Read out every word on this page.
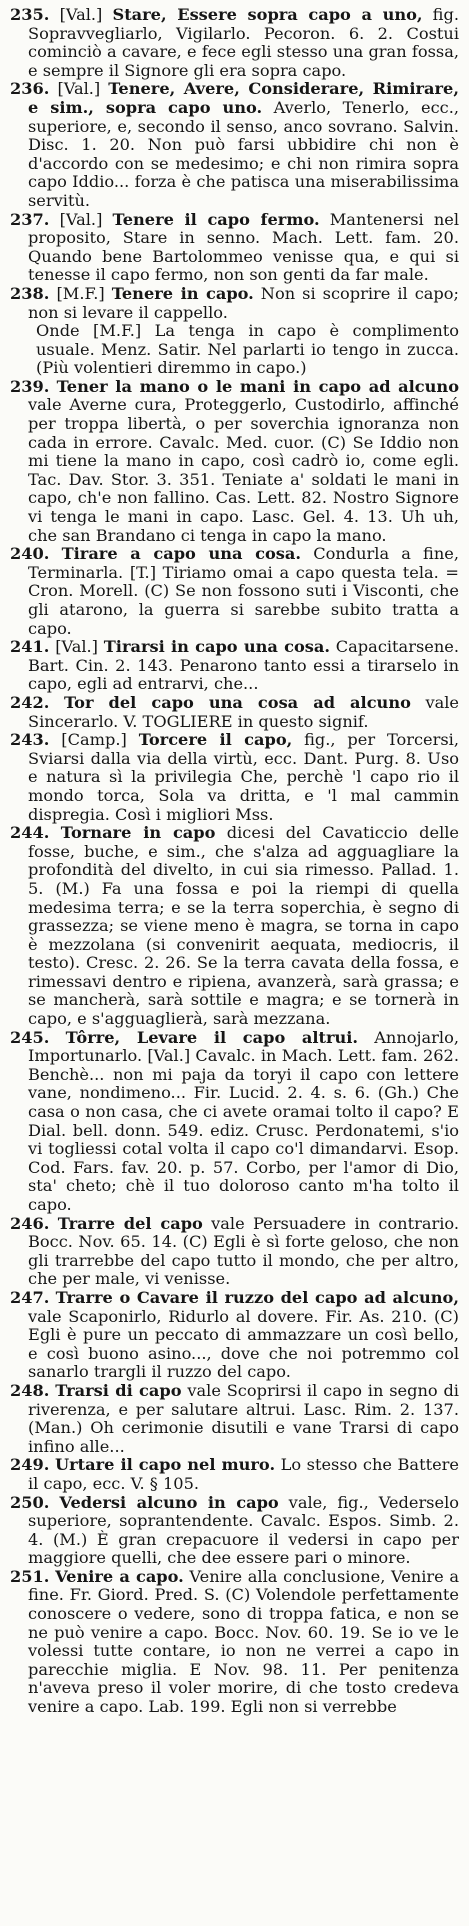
235. [Val.] Stare, Essere sopra capo a uno, fig. Sopravvegliarlo, Vigilarlo. Pecoron. 6. 2. Costui cominciò a cavare, e fece egli stesso una gran fossa, e sempre il Signore gli era sopra capo.

236. [Val.] Tenere, Avere, Considerare, Rimirare, e sim., sopra capo uno. Averlo, Tenerlo, ecc., superiore, e, secondo il senso, anco sovrano. Salvin. Disc. 1. 20. Non può farsi ubbidire chi non è d'accordo con se medesimo; e chi non rimira sopra capo Iddio... forza è che patisca una miserabilissima servitù.

237. [Val.] Tenere il capo fermo. Mantenersi nel proposito, Stare in senno. Mach. Lett. fam. 20. Quando bene Bartolommeo venisse qua, e qui si tenesse il capo fermo, non son genti da far male.

238. [M.F.] Tenere in capo. Non si scoprire il capo; non si levare il cappello.

Onde [M.F.] La tenga in capo è complimento usuale. Menz. Satir. Nel parlarti io tengo in zucca. (Più volentieri diremmo in capo.)

239. Tener la mano o le mani in capo ad alcuno vale Averne cura, Proteggerlo, Custodirlo, affinché per troppa libertà, o per soverchia ignoranza non cada in errore. Cavalc. Med. cuor. (C) Se Iddio non mi tiene la mano in capo, così cadrò io, come egli. Tac. Dav. Stor. 3. 351. Teniate a' soldati le mani in capo, ch'e non fallino. Cas. Lett. 82. Nostro Signore vi tenga le mani in capo. Lasc. Gel. 4. 13. Uh uh, che san Brandano ci tenga in capo la mano.

240. Tirare a capo una cosa. Condurla a fine, Terminarla. [T.] Tiriamo omai a capo questa tela. = Cron. Morell. (C) Se non fossono suti i Visconti, che gli atarono, la guerra si sarebbe subito tratta a capo.

241. [Val.] Tirarsi in capo una cosa. Capacitarsene. Bart. Cin. 2. 143. Penarono tanto essi a tirarselo in capo, egli ad entrarvi, che...

242. Tor del capo una cosa ad alcuno vale Sincerarlo. V. TOGLIERE in questo signif.

243. [Camp.] Torcere il capo, fig., per Torcersi, Sviarsi dalla via della virtù, ecc. Dant. Purg. 8. Uso e natura sì la privilegia Che, perchè 'l capo rio il mondo torca, Sola va dritta, e 'l mal cammin dispregia. Così i migliori Mss.

244. Tornare in capo dicesi del Cavaticcio delle fosse, buche, e sim., che s'alza ad agguagliare la profondità del divelto, in cui sia rimesso. Pallad. 1. 5. (M.) Fa una fossa e poi la riempi di quella medesima terra; e se la terra soperchia, è segno di grassezza; se viene meno è magra, se torna in capo è mezzolana (si convenirit aequata, mediocris, il testo). Cresc. 2. 26. Se la terra cavata della fossa, e rimessavi dentro e ripiena, avanzerà, sarà grassa; e se mancherà, sarà sottile e magra; e se tornerà in capo, e s'agguaglierà, sarà mezzana.

245. Tôrre, Levare il capo altrui. Annojarlo, Importunarlo. [Val.] Cavalc. in Mach. Lett. fam. 262. Benchè... non mi paja da toryi il capo con lettere vane, nondimeno... Fir. Lucid. 2. 4. s. 6. (Gh.) Che casa o non casa, che ci avete oramai tolto il capo? E Dial. bell. donn. 549. ediz. Crusc. Perdonatemi, s'io vi togliessi cotal volta il capo co'l dimandarvi. Esop. Cod. Fars. fav. 20. p. 57. Corbo, per l'amor di Dio, sta' cheto; chè il tuo doloroso canto m'ha tolto il capo.

246. Trarre del capo vale Persuadere in contrario. Bocc. Nov. 65. 14. (C) Egli è sì forte geloso, che non gli trarrebbe del capo tutto il mondo, che per altro, che per male, vi venisse.

247. Trarre o Cavare il ruzzo del capo ad alcuno, vale Scaponirlo, Ridurlo al dovere. Fir. As. 210. (C) Egli è pure un peccato di ammazzare un così bello, e così buono asino..., dove che noi potremmo col sanarlo trargli il ruzzo del capo.

248. Trarsi di capo vale Scoprirsi il capo in segno di riverenza, e per salutare altrui. Lasc. Rim. 2. 137. (Man.) Oh cerimonie disutili e vane Trarsi di capo infino alle...

249. Urtare il capo nel muro. Lo stesso che Battere il capo, ecc. V. § 105.

250. Vedersi alcuno in capo vale, fig., Vederselo superiore, soprantendente. Cavalc. Espos. Simb. 2. 4. (M.) È gran crepacuore il vedersi in capo per maggiore quelli, che dee essere pari o minore.

251. Venire a capo. Venire alla conclusione, Venire a fine. Fr. Giord. Pred. S. (C) Volendole perfettamente conoscere o vedere, sono di troppa fatica, e non se ne può venire a capo. Bocc. Nov. 60. 19. Se io ve le volessi tutte contare, io non ne verrei a capo in parecchie miglia. E Nov. 98. 11. Per penitenza n'aveva preso il voler morire, di che tosto credeva venire a capo. Lab. 199. Egli non si verrebbe
